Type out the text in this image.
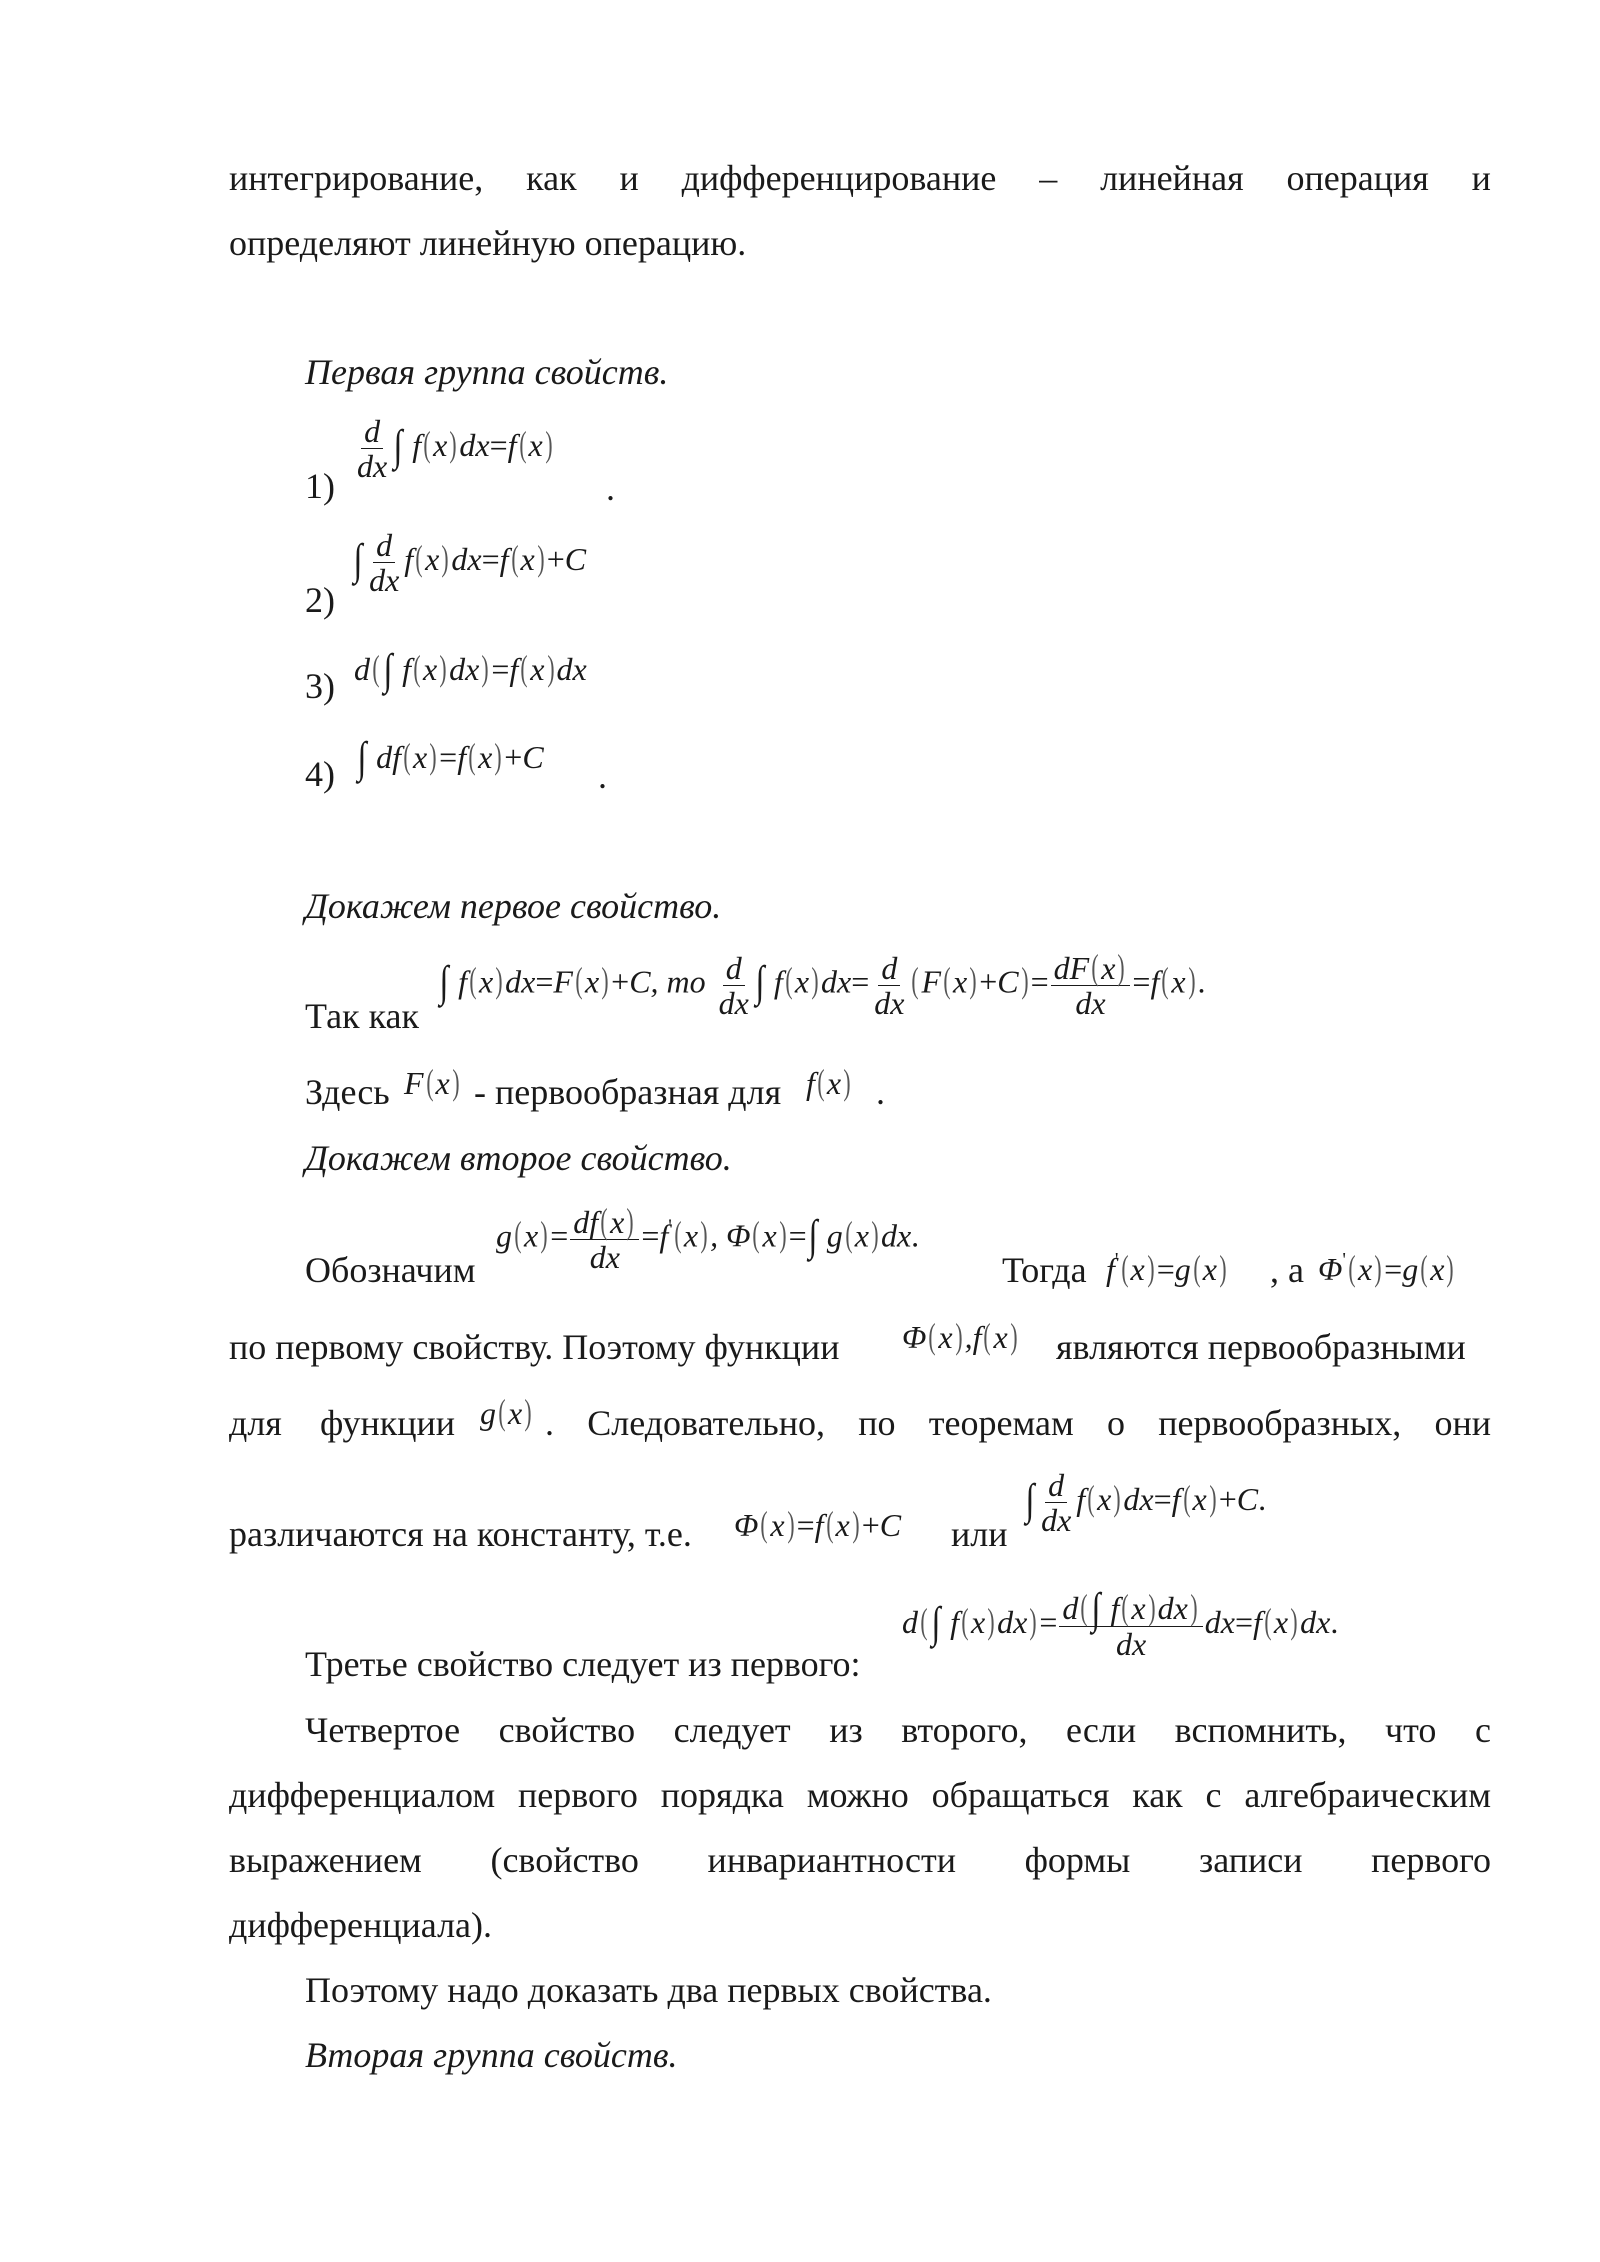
интегрирование, как и дифференцирование – линейная операция и
определяют линейную операцию.
Первая группа свойств.
1)
$\frac{d}{dx}$ ∫ f(x)dx=f(x)
.
2)
∫ $\frac{d}{dx} f(x)dx=f(x)+C$
3) d(∫ f(x)dx)=f(x)dx
4) ∫ df(x)=f(x)+C .
Докажем первое свойство.
Так как
∫ f(x)dx=F(x)+C, то $\frac{d}{dx}$ ∫ $f(x)dx= \frac{d}{dx} (F(x)+C)= \frac{dF(x)}{dx} =f(x)$.
Здесь F(x) - первообразная для f(x) .
Докажем второе свойство.
Обозначим
$g(x)= \frac{df(x)}{dx} =f'(x)$, Φ(x)=∫ g(x)dx.
Тогда f'(x)=g(x) , а Φ'(x)=g(x)
по первому свойству. Поэтому функции Φ(x),f(x) являются первообразными
для функции g(x) . Следовательно, по теоремам о первообразных, они
различаются на константу, т.е. Φ(x)=f(x)+C или
∫ $\frac{d}{dx} f(x)dx=f(x)+C$.
Третье свойство следует из первого:
d(∫ $f(x)dx)= \frac{d(\int f(x)dx)}{dx} dx=f(x)dx$.
Четвертое свойство следует из второго, если вспомнить, что с
дифференциалом первого порядка можно обращаться как с алгебраическим
выражением (свойство инвариантности формы записи первого
дифференциала).
Поэтому надо доказать два первых свойства.
Вторая группа свойств.
